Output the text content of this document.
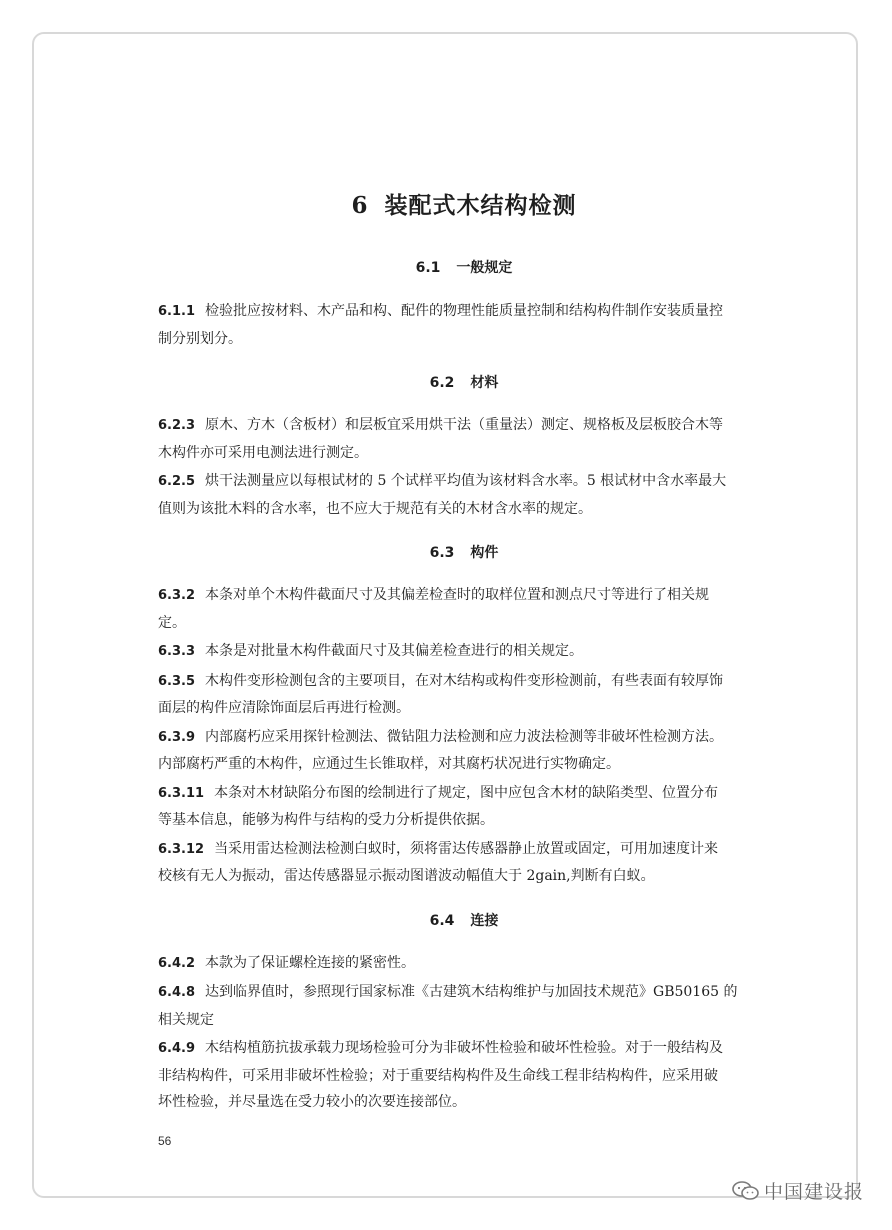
6 装配式木结构检测
6.1 一般规定

6.1.1 检验批应按材料、木产品和构、配件的物理性能质量控制和结构构件制作安装质量控

制分别划分。

6.2 材料

6.2.3 原木、方木（含板材）和层板宜采用烘干法（重量法）测定、规格板及层板胶合木等

木构件亦可采用电测法进行测定。

6.2.5 烘干法测量应以每根试材的 5 个试样平均值为该材料含水率。5 根试材中含水率最大

值则为该批木料的含水率，也不应大于规范有关的木材含水率的规定。

6.3 构件

6.3.2 本条对单个木构件截面尺寸及其偏差检查时的取样位置和测点尺寸等进行了相关规

定。

6.3.3 本条是对批量木构件截面尺寸及其偏差检查进行的相关规定。

6.3.5 木构件变形检测包含的主要项目，在对木结构或构件变形检测前，有些表面有较厚饰

面层的构件应清除饰面层后再进行检测。

6.3.9 内部腐朽应采用探针检测法、微钻阻力法检测和应力波法检测等非破坏性检测方法。

内部腐朽严重的木构件，应通过生长锥取样，对其腐朽状况进行实物确定。

6.3.11 本条对木材缺陷分布图的绘制进行了规定，图中应包含木材的缺陷类型、位置分布

等基本信息，能够为构件与结构的受力分析提供依据。

6.3.12 当采用雷达检测法检测白蚁时，须将雷达传感器静止放置或固定，可用加速度计来

校核有无人为振动，雷达传感器显示振动图谱波动幅值大于 2gain,判断有白蚁。

6.4 连接

6.4.2 本款为了保证螺栓连接的紧密性。

6.4.8 达到临界值时，参照现行国家标准《古建筑木结构维护与加固技术规范》GB50165 的

相关规定

6.4.9 木结构植筋抗拔承载力现场检验可分为非破坏性检验和破坏性检验。对于一般结构及

非结构构件，可采用非破坏性检验；对于重要结构构件及生命线工程非结构构件，应采用破

坏性检验，并尽量选在受力较小的次要连接部位。

56
中国建设报
